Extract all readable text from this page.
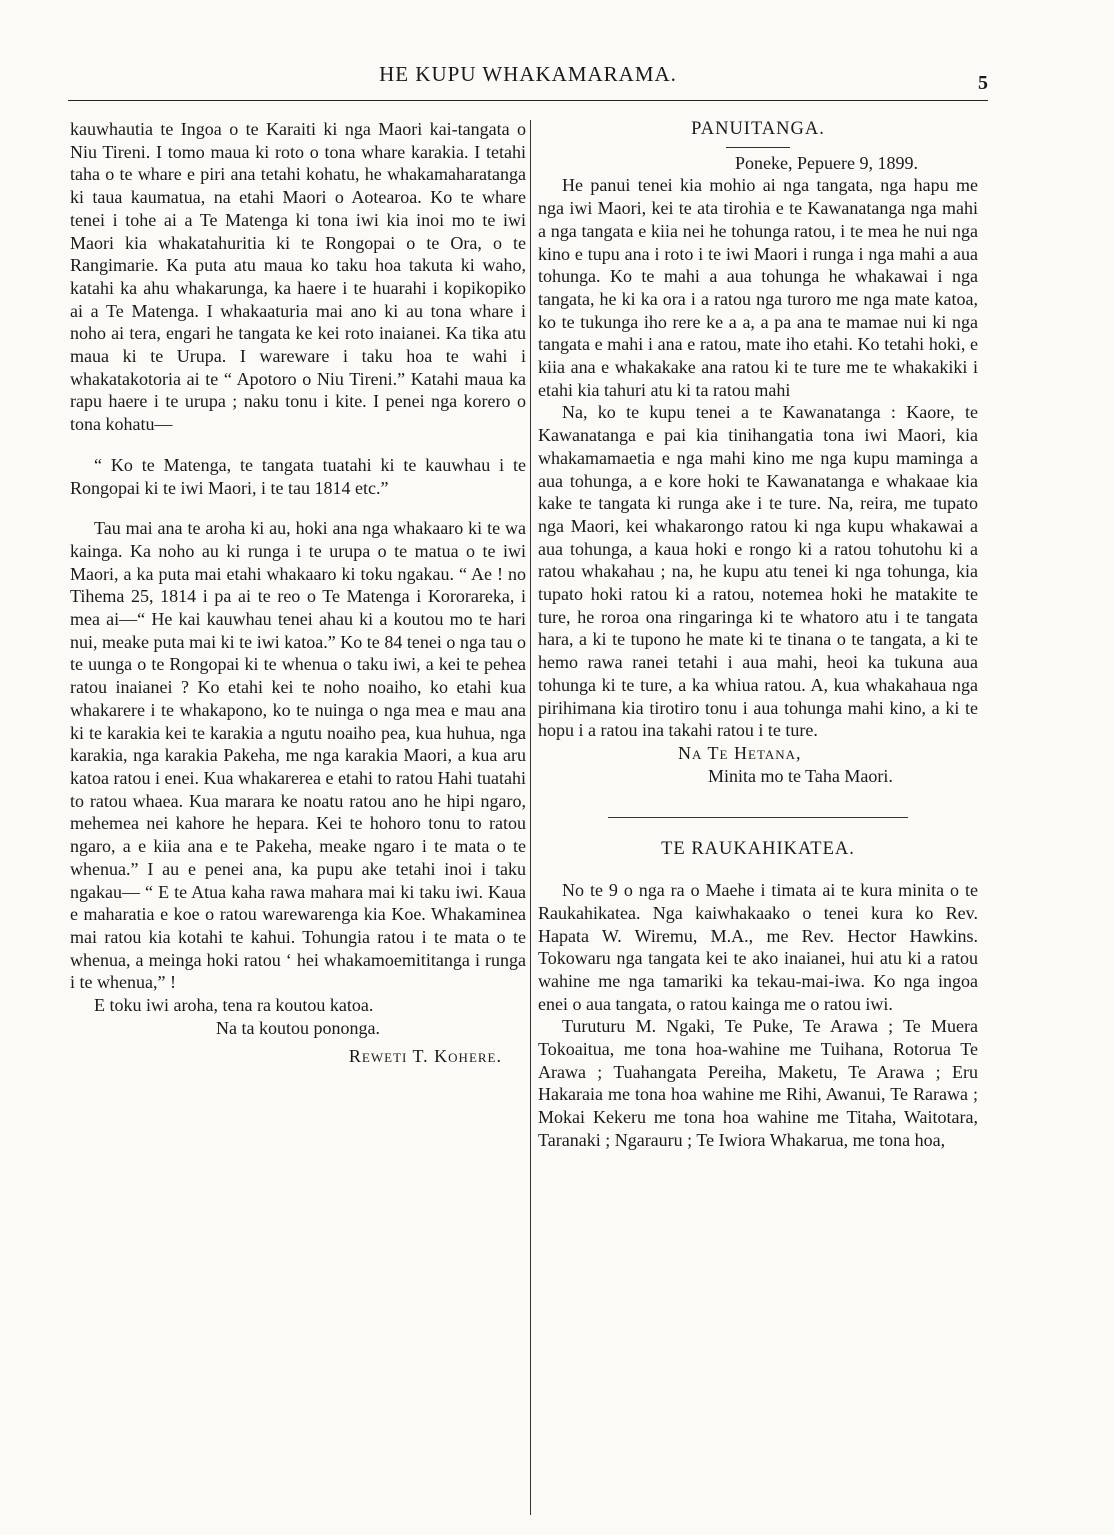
HE KUPU WHAKAMARAMA.	5

kauwhautia te Ingoa o te Karaiti ki nga Maori kai-tangata o Niu Tireni. I tomo maua ki roto o tona whare karakia. I tetahi taha o te whare e piri ana tetahi kohatu, he whakamaharatanga ki taua kaumatua, na etahi Maori o Aotearoa. Ko te whare tenei i tohe ai a Te Matenga ki tona iwi kia inoi mo te iwi Maori kia whakatahuritia ki te Rongopai o te Ora, o te Rangimarie. Ka puta atu maua ko taku hoa takuta ki waho, katahi ka ahu whakarunga, ka haere i te huarahi i kopikopiko ai a Te Matenga. I whakaaturia mai ano ki au tona whare i noho ai tera, engari he tangata ke kei roto inaianei. Ka tika atu maua ki te Urupa. I wareware i taku hoa te wahi i whakatakotoria ai te “ Apotoro o Niu Tireni.” Katahi maua ka rapu haere i te urupa ; naku tonu i kite. I penei nga korero o tona kohatu—

“ Ko te Matenga, te tangata tuatahi ki te kauwhau i te Rongopai ki te iwi Maori, i te tau 1814 etc.”

Tau mai ana te aroha ki au, hoki ana nga whakaaro ki te wa kainga. Ka noho au ki runga i te urupa o te matua o te iwi Maori, a ka puta mai etahi whakaaro ki toku ngakau. “ Ae ! no Tihema 25, 1814 i pa ai te reo o Te Matenga i Kororareka, i mea ai—“ He kai kauwhau tenei ahau ki a koutou mo te hari nui, meake puta mai ki te iwi katoa.” Ko te 84 tenei o nga tau o te uunga o te Rongopai ki te whenua o taku iwi, a kei te pehea ratou inaianei ? Ko etahi kei te noho noaiho, ko etahi kua whakarere i te whakapono, ko te nuinga o nga mea e mau ana ki te karakia kei te karakia a ngutu noaiho pea, kua huhua, nga karakia, nga karakia Pakeha, me nga karakia Maori, a kua aru katoa ratou i enei. Kua whakarerea e etahi to ratou Hahi tuatahi to ratou whaea. Kua marara ke noatu ratou ano he hipi ngaro, mehemea nei kahore he hepara. Kei te hohoro tonu to ratou ngaro, a e kiia ana e te Pakeha, meake ngaro i te mata o te whenua.” I au e penei ana, ka pupu ake tetahi inoi i taku ngakau— “ E te Atua kaha rawa mahara mai ki taku iwi. Kaua e maharatia e koe o ratou warewarenga kia Koe. Whakaminea mai ratou kia kotahi te kahui. Tohungia ratou i te mata o te whenua, a meinga hoki ratou ‘ hei whakamoemititanga i runga i te whenua,” !

E toku iwi aroha, tena ra koutou katoa.

Na ta koutou pononga.

Reweti T. Kohere.

PANUITANGA.

Poneke, Pepuere 9, 1899.

He panui tenei kia mohio ai nga tangata, nga hapu me nga iwi Maori, kei te ata tirohia e te Kawanatanga nga mahi a nga tangata e kiia nei he tohunga ratou, i te mea he nui nga kino e tupu ana i roto i te iwi Maori i runga i nga mahi a aua tohunga. Ko te mahi a aua tohunga he whakawai i nga tangata, he ki ka ora i a ratou nga turoro me nga mate katoa, ko te tukunga iho rere ke a a, a pa ana te mamae nui ki nga tangata e mahi i ana e ratou, mate iho etahi. Ko tetahi hoki, e kiia ana e whakakake ana ratou ki te ture me te whakakiki i etahi kia tahuri atu ki ta ratou mahi

Na, ko te kupu tenei a te Kawanatanga : Kaore, te Kawanatanga e pai kia tinihangatia tona iwi Maori, kia whakamamaetia e nga mahi kino me nga kupu maminga a aua tohunga, a e kore hoki te Kawanatanga e whakaae kia kake te tangata ki runga ake i te ture. Na, reira, me tupato nga Maori, kei whakarongo ratou ki nga kupu whakawai a aua tohunga, a kaua hoki e rongo ki a ratou tohutohu ki a ratou whakahau ; na, he kupu atu tenei ki nga tohunga, kia tupato hoki ratou ki a ratou, notemea hoki he matakite te ture, he roroa ona ringaringa ki te whatoro atu i te tangata hara, a ki te tupono he mate ki te tinana o te tangata, a ki te hemo rawa ranei tetahi i aua mahi, heoi ka tukuna aua tohunga ki te ture, a ka whiua ratou. A, kua whakahaua nga pirihimana kia tirotiro tonu i aua tohunga mahi kino, a ki te hopu i a ratou ina takahi ratou i te ture.

Na Te Hetana,

Minita mo te Taha Maori.

TE RAUKAHIKATEA.

No te 9 o nga ra o Maehe i timata ai te kura minita o te Raukahikatea. Nga kaiwhakaako o tenei kura ko Rev. Hapata W. Wiremu, M.A., me Rev. Hector Hawkins. Tokowaru nga tangata kei te ako inaianei, hui atu ki a ratou wahine me nga tamariki ka tekau-mai-iwa. Ko nga ingoa enei o aua tangata, o ratou kainga me o ratou iwi.

Turuturu M. Ngaki, Te Puke, Te Arawa ; Te Muera Tokoaitua, me tona hoa-wahine me Tuihana, Rotorua Te Arawa ; Tuahangata Pereiha, Maketu, Te Arawa ; Eru Hakaraia me tona hoa wahine me Rihi, Awanui, Te Rarawa ; Mokai Kekeru me tona hoa wahine me Titaha, Waitotara, Taranaki ; Ngarauru ; Te Iwiora Whakarua, me tona hoa,
